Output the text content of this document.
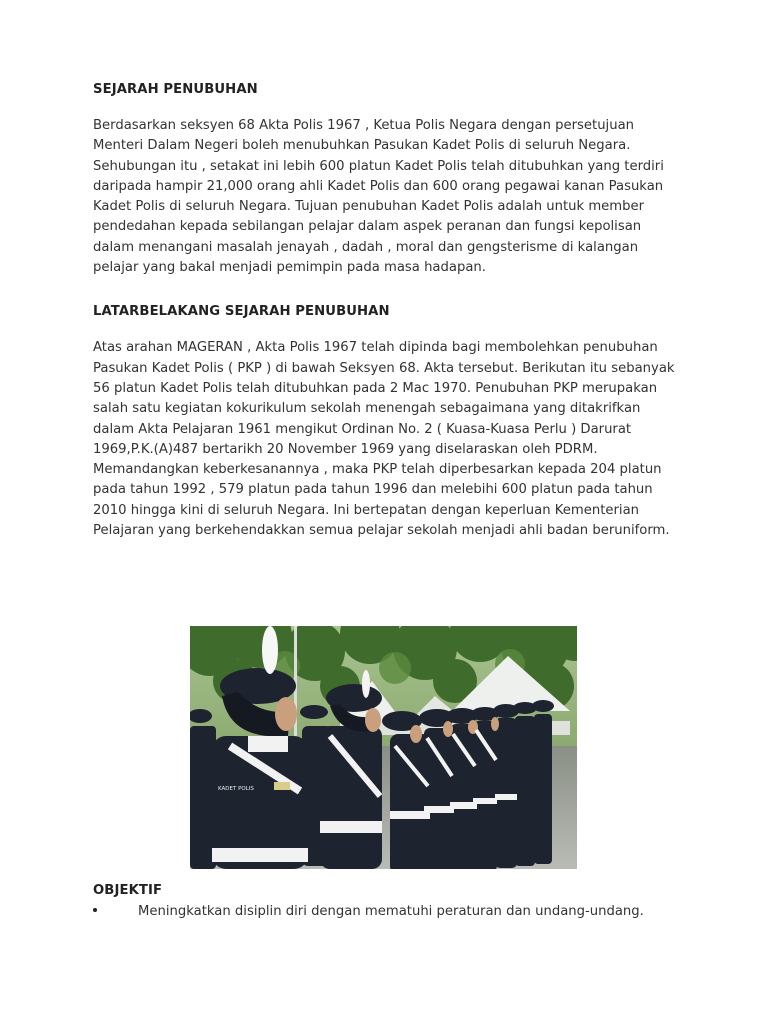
SEJARAH PENUBUHAN

Berdasarkan seksyen 68 Akta Polis 1967 , Ketua Polis Negara dengan persetujuan Menteri Dalam Negeri boleh menubuhkan Pasukan Kadet Polis di seluruh Negara. Sehubungan itu , setakat ini lebih 600 platun Kadet Polis telah ditubuhkan yang terdiri daripada hampir 21,000 orang ahli Kadet Polis dan 600 orang pegawai kanan Pasukan Kadet Polis di seluruh Negara. Tujuan penubuhan Kadet Polis adalah untuk member pendedahan kepada sebilangan pelajar dalam aspek peranan dan fungsi kepolisan dalam menangani masalah jenayah , dadah , moral dan gengsterisme di kalangan pelajar yang bakal menjadi pemimpin pada masa hadapan.

LATARBELAKANG SEJARAH PENUBUHAN

Atas arahan MAGERAN , Akta Polis 1967 telah dipinda bagi membolehkan penubuhan Pasukan Kadet Polis ( PKP ) di bawah Seksyen 68. Akta tersebut. Berikutan itu sebanyak 56 platun Kadet Polis telah ditubuhkan pada 2 Mac 1970. Penubuhan PKP merupakan salah satu kegiatan kokurikulum sekolah menengah sebagaimana yang ditakrifkan dalam Akta Pelajaran 1961 mengikut Ordinan No. 2 ( Kuasa-Kuasa Perlu ) Darurat 1969,P.K.(A)487 bertarikh 20 November 1969 yang diselaraskan oleh PDRM.

Memandangkan keberkesanannya , maka PKP telah diperbesarkan kepada 204 platun pada tahun 1992 , 579 platun pada tahun 1996 dan melebihi 600 platun pada tahun 2010 hingga kini di seluruh Negara. Ini bertepatan dengan keperluan Kementerian Pelajaran yang berkehendakkan semua pelajar sekolah menjadi ahli badan beruniform.

KADET POLIS

OBJEKTIF

Meningkatkan disiplin diri dengan mematuhi peraturan dan undang-undang.
